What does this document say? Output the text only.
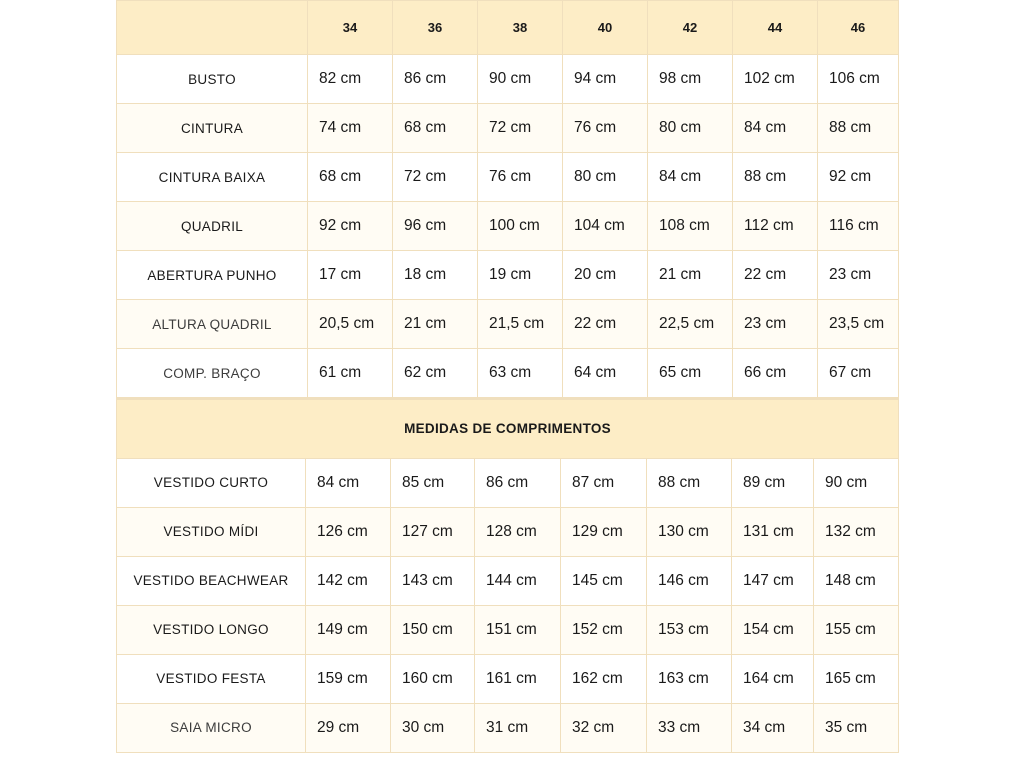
	34	36	38	40	42	44	46
BUSTO	82 cm	86 cm	90 cm	94 cm	98 cm	102 cm	106 cm
CINTURA	74 cm	68 cm	72 cm	76 cm	80 cm	84 cm	88 cm
CINTURA BAIXA	68 cm	72 cm	76 cm	80 cm	84 cm	88 cm	92 cm
QUADRIL	92 cm	96 cm	100 cm	104 cm	108 cm	112 cm	116 cm
ABERTURA PUNHO	17 cm	18 cm	19 cm	20 cm	21 cm	22 cm	23 cm
ALTURA QUADRIL	20,5 cm	21 cm	21,5 cm	22 cm	22,5 cm	23 cm	23,5 cm
COMP. BRAÇO	61 cm	62 cm	63 cm	64 cm	65 cm	66 cm	67 cm
MEDIDAS DE COMPRIMENTOS							
VESTIDO CURTO	84 cm	85 cm	86 cm	87 cm	88 cm	89 cm	90 cm
VESTIDO MÍDI	126 cm	127 cm	128 cm	129 cm	130 cm	131 cm	132 cm
VESTIDO BEACHWEAR	142 cm	143 cm	144 cm	145 cm	146 cm	147 cm	148 cm
VESTIDO LONGO	149 cm	150 cm	151 cm	152 cm	153 cm	154 cm	155 cm
VESTIDO FESTA	159 cm	160 cm	161 cm	162 cm	163 cm	164 cm	165 cm
SAIA MICRO	29 cm	30 cm	31 cm	32 cm	33 cm	34 cm	35 cm
